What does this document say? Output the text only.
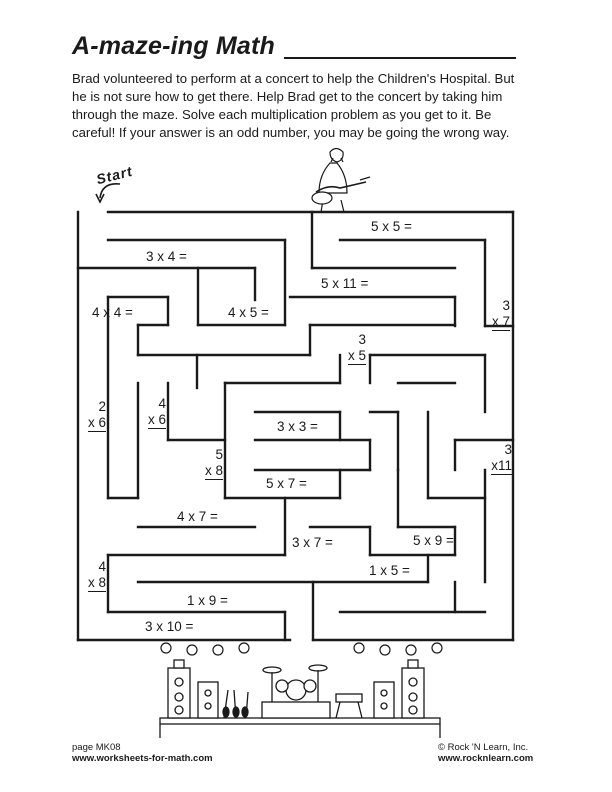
A-maze-ing Math
Brad volunteered to perform at a concert to help the Children's Hospital. But he is not sure how to get there. Help Brad get to the concert by taking him through the maze. Solve each multiplication problem as you get to it. Be careful! If your answer is an odd number, you may be going the wrong way.
Start
5 x 5 =
3 x 4 =
5 x 11 =
4 x 4 =	4 x 5 =
3 x 3 =
5 x 7 =
4 x 7 =
3 x 7 =	5 x 9 =
1 x 5 =
1 x 9 =
3 x 10 =
3
x 7
3
x 5
2
x 6
4
x 6
5
x 8
3
x11
4
x 8
page MK08
www.worksheets-for-math.com
© Rock 'N Learn, Inc.
www.rocknlearn.com
